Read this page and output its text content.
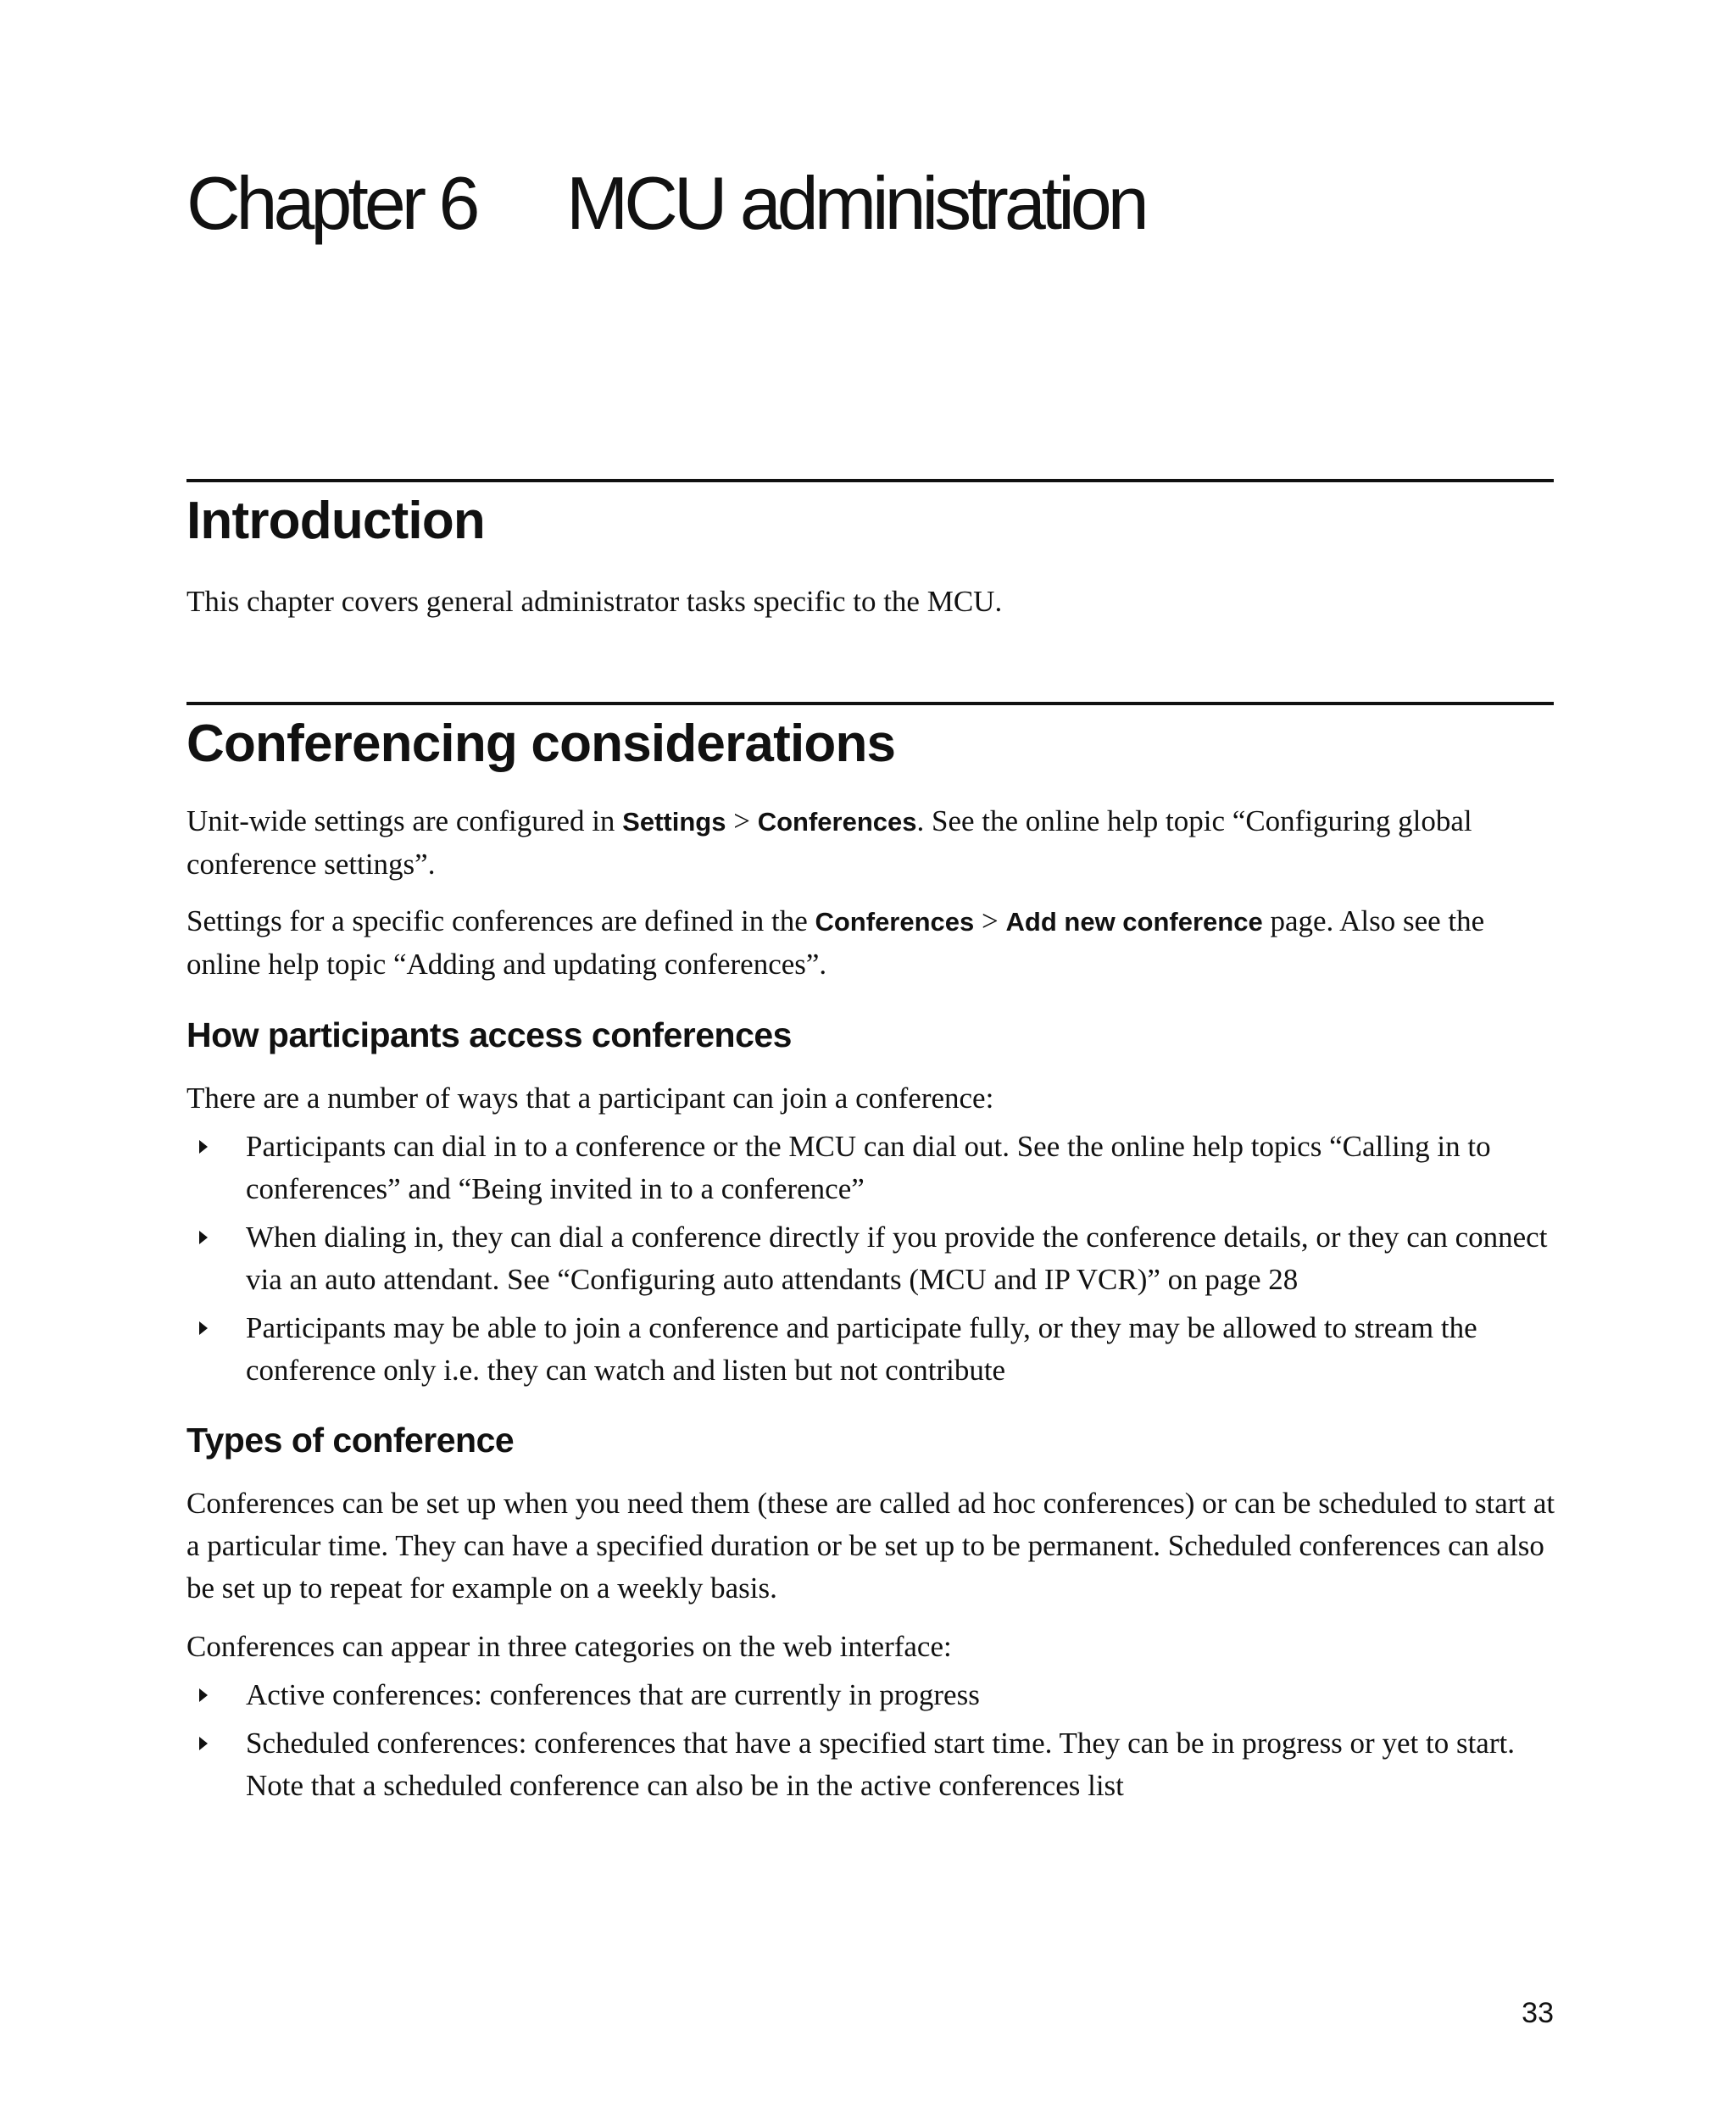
Chapter 6 MCU administration
Introduction

This chapter covers general administrator tasks specific to the MCU.

Conferencing considerations

Unit-wide settings are configured in Settings > Conferences. See the online help topic “Configuring global conference settings”.

Settings for a specific conferences are defined in the Conferences > Add new conference page. Also see the online help topic “Adding and updating conferences”.

How participants access conferences

There are a number of ways that a participant can join a conference:

Participants can dial in to a conference or the MCU can dial out. See the online help topics “Calling in to conferences” and “Being invited in to a conference”
When dialing in, they can dial a conference directly if you provide the conference details, or they can connect via an auto attendant. See “Configuring auto attendants (MCU and IP VCR)” on page 28
Participants may be able to join a conference and participate fully, or they may be allowed to stream the conference only i.e. they can watch and listen but not contribute
Types of conference

Conferences can be set up when you need them (these are called ad hoc conferences) or can be scheduled to start at a particular time. They can have a specified duration or be set up to be permanent. Scheduled conferences can also be set up to repeat for example on a weekly basis.

Conferences can appear in three categories on the web interface:

Active conferences: conferences that are currently in progress
Scheduled conferences: conferences that have a specified start time. They can be in progress or yet to start. Note that a scheduled conference can also be in the active conferences list
33
